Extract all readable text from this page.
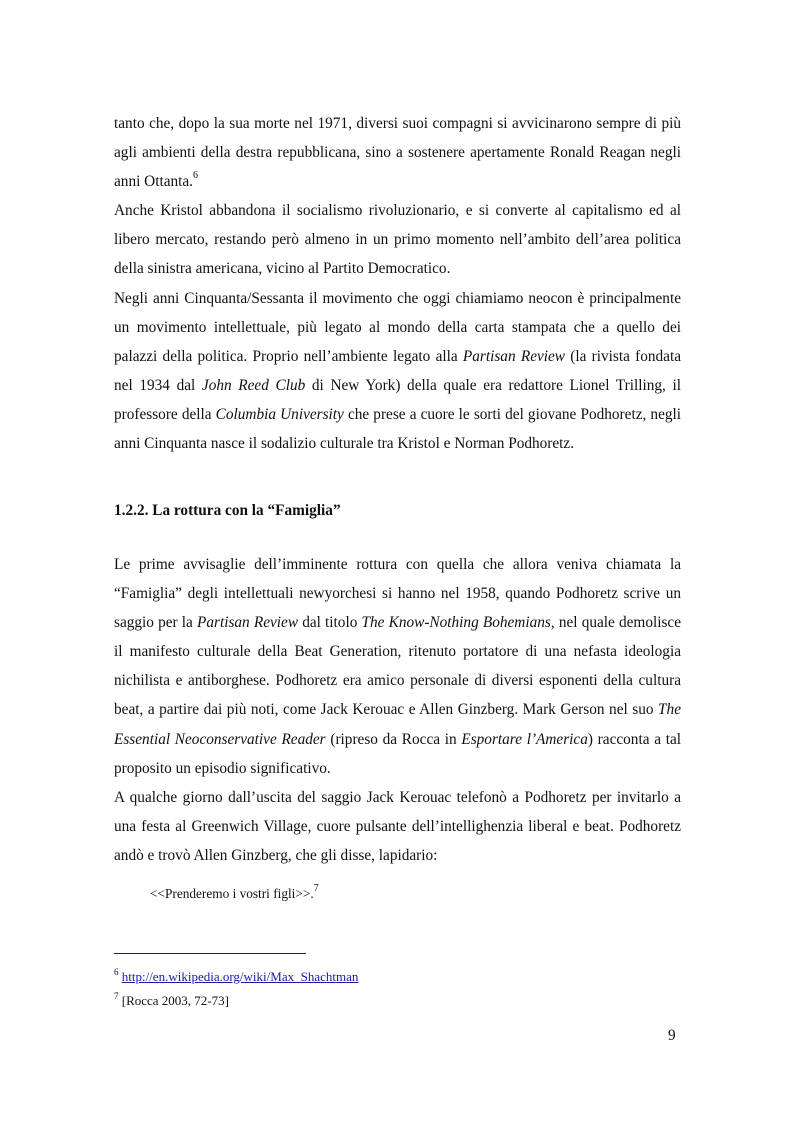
tanto che, dopo la sua morte nel 1971, diversi suoi compagni si avvicinarono sempre di più agli ambienti della destra repubblicana, sino a sostenere apertamente Ronald Reagan negli anni Ottanta.$^6$

Anche Kristol abbandona il socialismo rivoluzionario, e si converte al capitalismo ed al libero mercato, restando però almeno in un primo momento nell’ambito dell’area politica della sinistra americana, vicino al Partito Democratico.

Negli anni Cinquanta/Sessanta il movimento che oggi chiamiamo neocon è principalmente un movimento intellettuale, più legato al mondo della carta stampata che a quello dei palazzi della politica. Proprio nell’ambiente legato alla Partisan Review (la rivista fondata nel 1934 dal John Reed Club di New York) della quale era redattore Lionel Trilling, il professore della Columbia University che prese a cuore le sorti del giovane Podhoretz, negli anni Cinquanta nasce il sodalizio culturale tra Kristol e Norman Podhoretz.

1.2.2. La rottura con la “Famiglia”

Le prime avvisaglie dell’imminente rottura con quella che allora veniva chiamata la “Famiglia” degli intellettuali newyorchesi si hanno nel 1958, quando Podhoretz scrive un saggio per la Partisan Review dal titolo The Know-Nothing Bohemians, nel quale demolisce il manifesto culturale della Beat Generation, ritenuto portatore di una nefasta ideologia nichilista e antiborghese. Podhoretz era amico personale di diversi esponenti della cultura beat, a partire dai più noti, come Jack Kerouac e Allen Ginzberg. Mark Gerson nel suo The Essential Neoconservative Reader (ripreso da Rocca in Esportare l’America) racconta a tal proposito un episodio significativo.

A qualche giorno dall’uscita del saggio Jack Kerouac telefonò a Podhoretz per invitarlo a una festa al Greenwich Village, cuore pulsante dell’intellighenzia liberal e beat. Podhoretz andò e trovò Allen Ginzberg, che gli disse, lapidario:

<<Prenderemo i vostri figli>>.$^7$
$^6$ http://en.wikipedia.org/wiki/Max_Shachtman
$^7$ [Rocca 2003, 72-73]
9
